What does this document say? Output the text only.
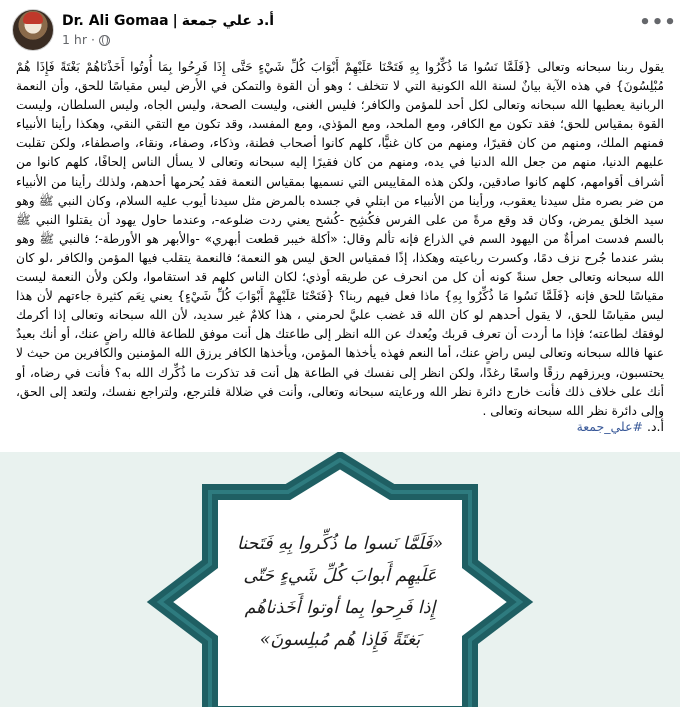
Dr. Ali Gomaa | أ.د علي جمعة
1 hr ·
•••

يقول ربنا سبحانه وتعالى {فَلَمَّا نَسُوا مَا ذُكِّرُوا بِهِ فَتَحْنَا عَلَيْهِمْ أَبْوَابَ كُلِّ شَيْءٍ حَتَّى إِذَا فَرِحُوا بِمَا أُوتُوا أَخَذْنَاهُمْ بَغْتَةً فَإِذَا هُمْ مُبْلِسُونَ} في هذه الآية بيانٌ لسنة الله الكونية التي لا تتخلف ؛ وهو أن القوة والتمكن في الأرض ليس مقياسًا للحق، وأن النعمة الربانية يعطيها الله سبحانه وتعالى لكل أحد للمؤمن والكافر؛ فليس الغنى، وليست الصحة، وليس الجاه، وليس السلطان، وليست القوة بمقياس للحق؛ فقد تكون مع الكافر، ومع الملحد، ومع المؤذي، ومع المفسد، وقد تكون مع التقي النقي، وهكذا رأينا الأنبياء فمنهم الملك، ومنهم من كان فقيرًا، ومنهم من كان غنيًّا، كلهم كانوا أصحاب فطنة، وذكاء، وصفاء، ونقاء، واصطفاء، ولكن تقلبت عليهم الدنيا، منهم من جعل الله الدنيا في يده، ومنهم من كان فقيرًا إليه سبحانه وتعالى لا يسأل الناس إلحافًا، كلهم كانوا من أشراف أقوامهم، كلهم كانوا صادقين، ولكن هذه المقاييس التي نسميها بمقياس النعمة فقد يُحرمها أحدهم، ولذلك رأينا من الأنبياء من ضر بصره مثل سيدنا يعقوب، ورأينا من الأنبياء من ابتلي في جسده بالمرض مثل سيدنا أيوب عليه السلام، وكان النبي ﷺ وهو سيد الخلق يمرض، وكان قد وقع مرةً من على الفرس فكُشِح -كُشح يعني ردت ضلوعه-، وعندما حاول يهود أن يقتلوا النبي ﷺ بالسم فدست امرأةٌ من اليهود السم في الذراع فإنه تألم وقال: «أكلة خيبر قطعت أبهري» -والأبهر هو الأورطة-؛ فالنبي ﷺ وهو بشر عندما جُرح نزف دمًا، وكسرت رباعيته وهكذا، إذًا فمقياس الحق ليس هو النعمة؛ فالنعمة يتقلب فيها المؤمن والكافر ،لو كان الله سبحانه وتعالى جعل سنةً كونه أن كل من انحرف عن طريقه أوذي؛ لكان الناس كلهم قد استقاموا، ولكن ولأن النعمة ليست مقياسًا للحق فإنه {فَلَمَّا نَسُوا مَا ذُكِّرُوا بِهِ} ماذا فعل فيهم ربنا؟ {فَتَحْنَا عَلَيْهِمْ أَبْوَابَ كُلِّ شَيْءٍ} يعني نِعَم كثيرة جاءتهم لأن هذا ليس مقياسًا للحق، لا يقول أحدهم لو كان الله قد غضب عليَّ لحرمني ، هذا كلامٌ غير سديد، لأن الله سبحانه وتعالى إذا أكرمك لوفقك لطاعته؛ فإذا ما أردت أن تعرف قربك ويُعدك عن الله انظر إلى طاعتك هل أنت موفق للطاعة فالله راضٍ عنك، أو أنك بعيدٌ عنها فالله سبحانه وتعالى ليس راضٍ عنك، أما النعم فهذه يأخذها المؤمن، ويأخذها الكافر يرزق الله المؤمنين والكافرين من حيث لا يحتسبون، ويرزقهم رزقًا واسعًا رغدًا، ولكن انظر إلى نفسك في الطاعة هل أنت قد تذكرت ما ذُكِّرك الله به؟ فأنت في رضاه، أو أنك على خلاف ذلك فأنت خارج دائرة نظر الله ورعايته سبحانه وتعالى، وأنت في ضلالة فلترجع، ولتراجع نفسك، ولتعد إلى الحق، وإلى دائرة نظر الله سبحانه وتعالى .

أ.د. #علي_جمعة
«فَلَمَّا نَسوا ما ذُكِّروا بِهِ فَتَحنا
عَلَيهِم أَبوابَ كُلِّ شَيءٍ حَتّى
إِذا فَرِحوا بِما أوتوا أَخَذناهُم
بَغتَةً فَإِذا هُم مُبلِسونَ»
